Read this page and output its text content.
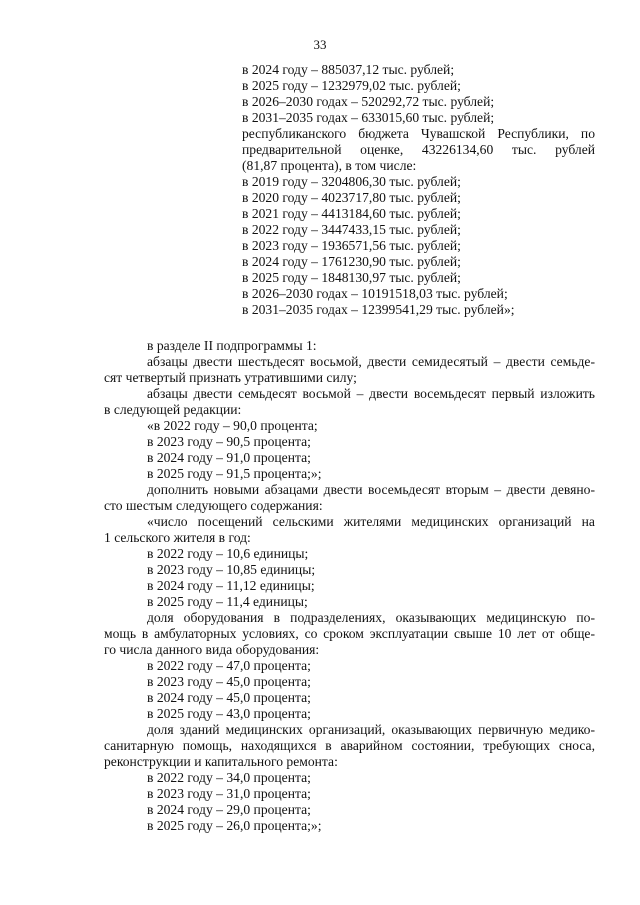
33
в 2024 году – 885037,12 тыс. рублей;
в 2025 году – 1232979,02 тыс. рублей;
в 2026–2030 годах – 520292,72 тыс. рублей;
в 2031–2035 годах – 633015,60 тыс. рублей;
республиканского бюджета Чувашской Республики, по
предварительной оценке, 43226134,60 тыс. рублей
(81,87 процента), в том числе:
в 2019 году – 3204806,30 тыс. рублей;
в 2020 году – 4023717,80 тыс. рублей;
в 2021 году – 4413184,60 тыс. рублей;
в 2022 году – 3447433,15 тыс. рублей;
в 2023 году – 1936571,56 тыс. рублей;
в 2024 году – 1761230,90 тыс. рублей;
в 2025 году – 1848130,97 тыс. рублей;
в 2026–2030 годах – 10191518,03 тыс. рублей;
в 2031–2035 годах – 12399541,29 тыс. рублей»;
в разделе II подпрограммы 1:
абзацы двести шестьдесят восьмой, двести семидесятый – двести семьде-
сят четвертый признать утратившими силу;
абзацы двести семьдесят восьмой – двести восемьдесят первый изложить
в следующей редакции:
«в 2022 году – 90,0 процента;
в 2023 году – 90,5 процента;
в 2024 году – 91,0 процента;
в 2025 году – 91,5 процента;»;
дополнить новыми абзацами двести восемьдесят вторым – двести девяно-
сто шестым следующего содержания:
«число посещений сельскими жителями медицинских организаций на
1 сельского жителя в год:
в 2022 году – 10,6 единицы;
в 2023 году – 10,85 единицы;
в 2024 году – 11,12 единицы;
в 2025 году – 11,4 единицы;
доля оборудования в подразделениях, оказывающих медицинскую по-
мощь в амбулаторных условиях, со сроком эксплуатации свыше 10 лет от обще-
го числа данного вида оборудования:
в 2022 году – 47,0 процента;
в 2023 году – 45,0 процента;
в 2024 году – 45,0 процента;
в 2025 году – 43,0 процента;
доля зданий медицинских организаций, оказывающих первичную медико-
санитарную помощь, находящихся в аварийном состоянии, требующих сноса,
реконструкции и капитального ремонта:
в 2022 году – 34,0 процента;
в 2023 году – 31,0 процента;
в 2024 году – 29,0 процента;
в 2025 году – 26,0 процента;»;
